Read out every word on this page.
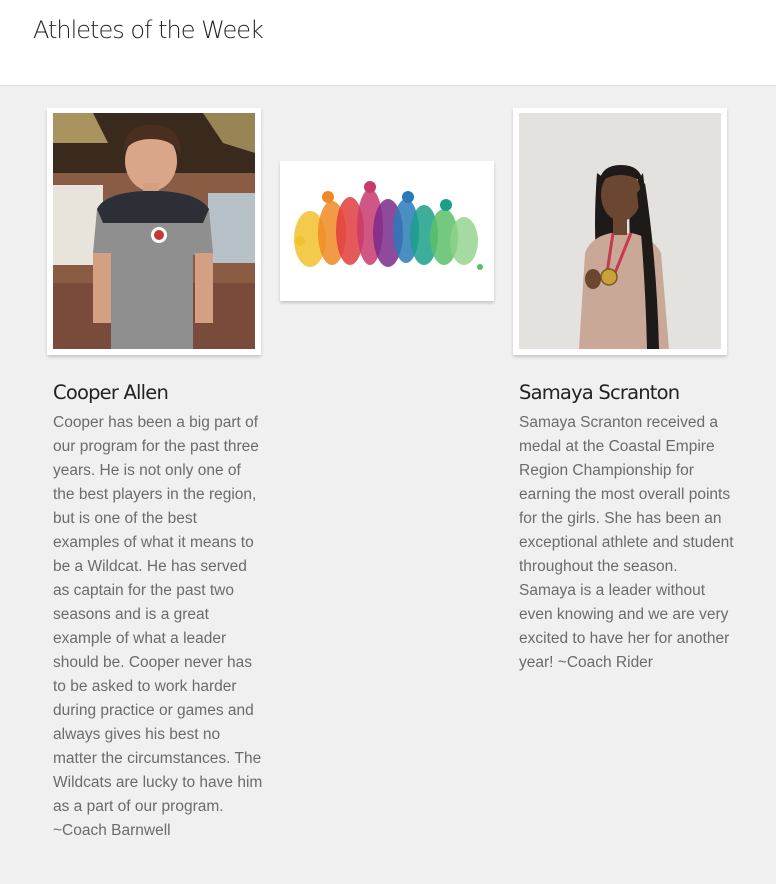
Athletes of the Week
Cooper Allen
Cooper has been a big part of our program for the past three years. He is not only one of the best players in the region, but is one of the best examples of what it means to be a Wildcat. He has served as captain for the past two seasons and is a great example of what a leader should be. Cooper never has to be asked to work harder during practice or games and always gives his best no matter the circumstances. The Wildcats are lucky to have him as a part of our program. ~Coach Barnwell
Samaya Scranton
Samaya Scranton received a medal at the Coastal Empire Region Championship for earning the most overall points for the girls. She has been an exceptional athlete and student throughout the season. Samaya is a leader without even knowing and we are very excited to have her for another year! ~Coach Rider
